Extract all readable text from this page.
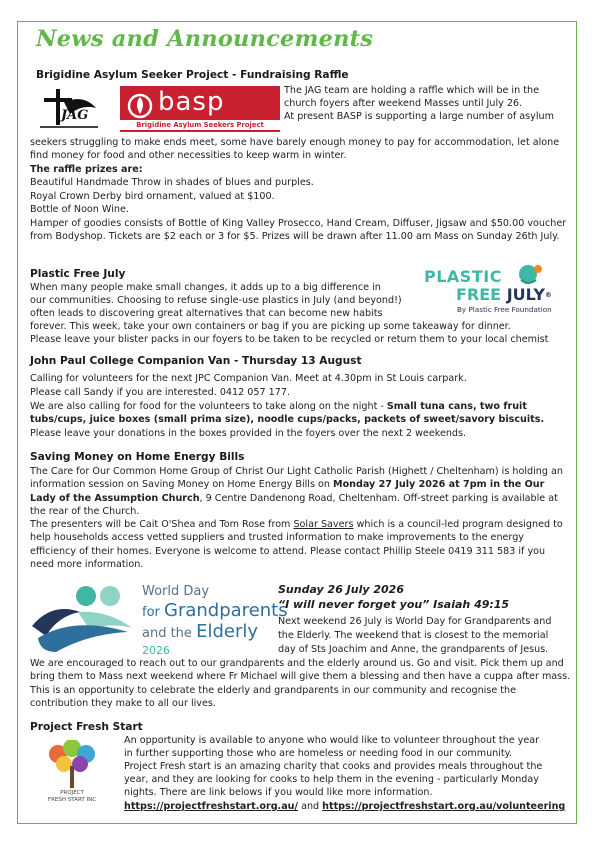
News and Announcements
Brigidine Asylum Seeker Project - Fundraising Raffle
JAG	basp
Brigidine Asylum Seekers Project
The JAG team are holding a raffle which will be in the
church foyers after weekend Masses until July 26.
At present BASP is supporting a large number of asylum

seekers struggling to make ends meet, some have barely enough money to pay for accommodation, let alone find money for food and other necessities to keep warm in winter.

The raffle prizes are:
Beautiful Handmade Throw in shades of blues and purples.
Royal Crown Derby bird ornament, valued at $100.
Bottle of Noon Wine.

Hamper of goodies consists of Bottle of King Valley Prosecco, Hand Cream, Diffuser, Jigsaw and $50.00 voucher from Bodyshop. Tickets are $2 each or 3 for $5. Prizes will be drawn after 11.00 am Mass on Sunday 26th July.

Plastic Free July
When many people make small changes, it adds up to a big difference in
our communities. Choosing to refuse single-use plastics in July (and beyond!)
often leads to discovering great alternatives that can become new habits
forever. This week, take your own containers or bag if you are picking up some takeaway for dinner.
Please leave your blister packs in our foyers to be taken to be recycled or return them to your local chemist
PLASTIC
FREE JULY®
By Plastic Free Foundation
John Paul College Companion Van - Thursday 13 August
Calling for volunteers for the next JPC Companion Van. Meet at 4.30pm in St Louis carpark.
Please call Sandy if you are interested. 0412 057 177.

We are also calling for food for the volunteers to take along on the night - Small tuna cans, two fruit tubs/cups, juice boxes (small prima size), noodle cups/packs, packets of sweet/savory biscuits.

Please leave your donations in the boxes provided in the foyers over the next 2 weekends.
Saving Money on Home Energy Bills

The Care for Our Common Home Group of Christ Our Light Catholic Parish (Highett / Cheltenham) is holding an information session on Saving Money on Home Energy Bills on Monday 27 July 2026 at 7pm in the Our Lady of the Assumption Church, 9 Centre Dandenong Road, Cheltenham. Off-street parking is available at the rear of the Church.

The presenters will be Cait O'Shea and Tom Rose from Solar Savers which is a council-led program designed to help households access vetted suppliers and trusted information to make improvements to the energy efficiency of their homes. Everyone is welcome to attend. Please contact Phillip Steele 0419 311 583 if you need more information.

World Day
for Grandparents
and the Elderly
2026
Sunday 26 July 2026
“I will never forget you” Isaiah 49:15
Next weekend 26 July is World Day for Grandparents and
the Elderly. The weekend that is closest to the memorial
day of Sts Joachim and Anne, the grandparents of Jesus.

We are encouraged to reach out to our grandparents and the elderly around us. Go and visit. Pick them up and bring them to Mass next weekend where Fr Michael will give them a blessing and then have a cuppa after mass. This is an opportunity to celebrate the elderly and grandparents in our community and recognise the contribution they make to all our lives.

Project Fresh Start
PROJECT
FRESH START INC
An opportunity is available to anyone who would like to volunteer throughout the year
in further supporting those who are homeless or needing food in our community.
Project Fresh start is an amazing charity that cooks and provides meals throughout the
year, and they are looking for cooks to help them in the evening - particularly Monday
nights. There are link belows if you would like more information.
https://projectfreshstart.org.au/ and https://projectfreshstart.org.au/volunteering
